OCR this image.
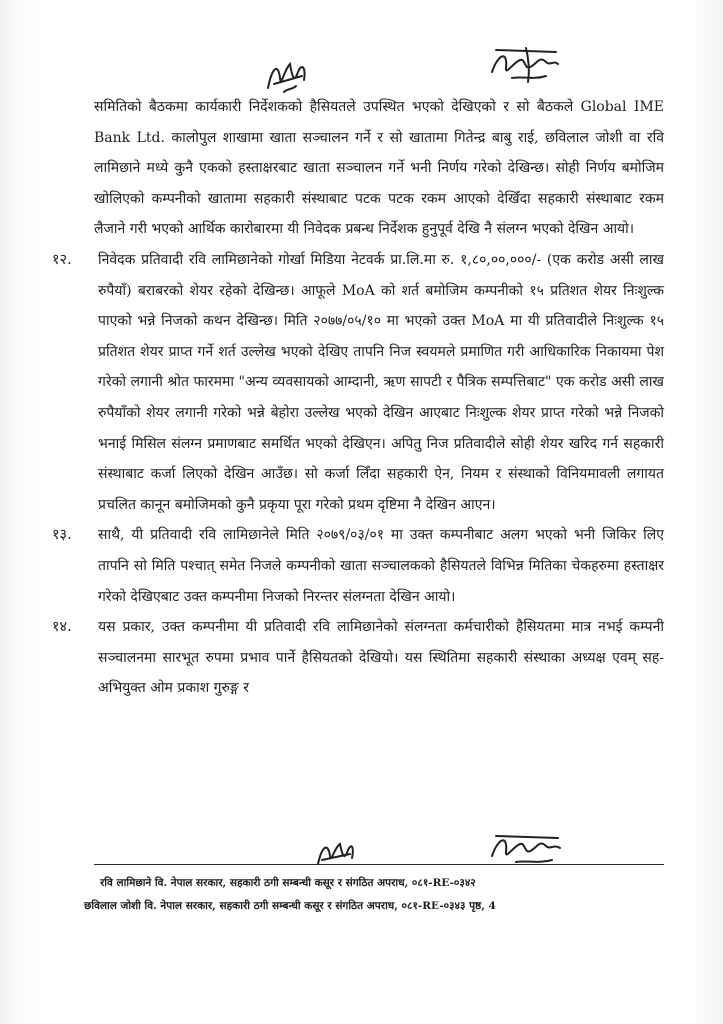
समितिको बैठकमा कार्यकारी निर्देशकको हैसियतले उपस्थित भएको देखिएको र सो बैठकले Global IME Bank Ltd. कालोपुल शाखामा खाता सञ्चालन गर्ने र सो खातामा गितेन्द्र बाबु राई, छविलाल जोशी वा रवि लामिछाने मध्ये कुनै एकको हस्ताक्षरबाट खाता सञ्चालन गर्ने भनी निर्णय गरेको देखिन्छ। सोही निर्णय बमोजिम खोलिएको कम्पनीको खातामा सहकारी संस्थाबाट पटक पटक रकम आएको देखिँदा सहकारी संस्थाबाट रकम लैजाने गरी भएको आर्थिक कारोबारमा यी निवेदक प्रबन्ध निर्देशक हुनुपूर्व देखि नै संलग्न भएको देखिन आयो।

१२. निवेदक प्रतिवादी रवि लामिछानेको गोर्खा मिडिया नेटवर्क प्रा.लि.मा रु. १,८०,००,०००/- (एक करोड असी लाख रुपैयाँ) बराबरको शेयर रहेको देखिन्छ। आफूले MoA को शर्त बमोजिम कम्पनीको १५ प्रतिशत शेयर निःशुल्क पाएको भन्ने निजको कथन देखिन्छ। मिति २०७७/०५/१० मा भएको उक्त MoA मा यी प्रतिवादीले निःशुल्क १५ प्रतिशत शेयर प्राप्त गर्ने शर्त उल्लेख भएको देखिए तापनि निज स्वयमले प्रमाणित गरी आधिकारिक निकायमा पेश गरेको लगानी श्रोत फारममा "अन्य व्यवसायको आम्दानी, ऋण सापटी र पैत्रिक सम्पत्तिबाट" एक करोड असी लाख रुपैयाँको शेयर लगानी गरेको भन्ने बेहोरा उल्लेख भएको देखिन आएबाट निःशुल्क शेयर प्राप्त गरेको भन्ने निजको भनाई मिसिल संलग्न प्रमाणबाट समर्थित भएको देखिएन। अपितु निज प्रतिवादीले सोही शेयर खरिद गर्न सहकारी संस्थाबाट कर्जा लिएको देखिन आउँछ। सो कर्जा लिँदा सहकारी ऐन, नियम र संस्थाको विनियमावली लगायत प्रचलित कानून बमोजिमको कुनै प्रकृया पूरा गरेको प्रथम दृष्टिमा नै देखिन आएन।
१३. साथै, यी प्रतिवादी रवि लामिछानेले मिति २०७९/०३/०१ मा उक्त कम्पनीबाट अलग भएको भनी जिकिर लिए तापनि सो मिति पश्चात् समेत निजले कम्पनीको खाता सञ्चालकको हैसियतले विभिन्न मितिका चेकहरुमा हस्ताक्षर गरेको देखिएबाट उक्त कम्पनीमा निजको निरन्तर संलग्नता देखिन आयो।
१४. यस प्रकार, उक्त कम्पनीमा यी प्रतिवादी रवि लामिछानेको संलग्नता कर्मचारीको हैसियतमा मात्र नभई कम्पनी सञ्चालनमा सारभूत रुपमा प्रभाव पार्ने हैसियतको देखियो। यस स्थितिमा सहकारी संस्थाका अध्यक्ष एवम् सह-अभियुक्त ओम प्रकाश गुरुङ्ग र
रवि लामिछाने वि. नेपाल सरकार, सहकारी ठगी सम्बन्धी कसूर र संगठित अपराध, ०८१-RE-०३४२
छविलाल जोशी वि. नेपाल सरकार, सहकारी ठगी सम्बन्धी कसूर र संगठित अपराध, ०८१-RE-०३४३ पृष्ठ, 4
